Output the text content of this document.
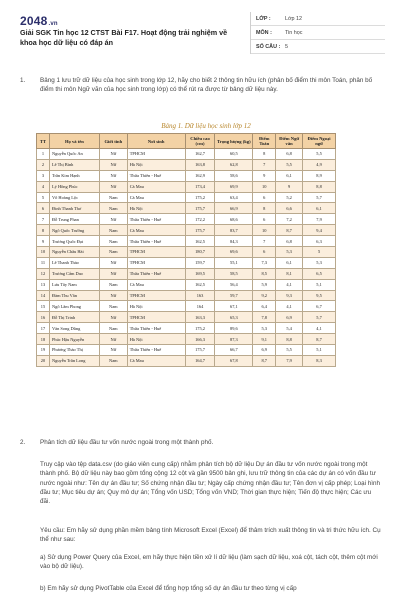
2048.vn
Giải SGK Tin học 12 CTST Bài F17. Hoạt động trải nghiệm về khoa học dữ liệu có đáp án
LỚP :	Lớp 12
MÔN :	Tin học
SỐ CÂU : 5
1. Bảng 1 lưu trữ dữ liệu của học sinh trong lớp 12, hãy cho biết 2 thông tin hữu ích (phân bố điểm thi môn Toán, phân bố điểm thi môn Ngữ văn của học sinh trong lớp) có thể rút ra được từ bảng dữ liệu này.
Bảng 1. Dữ liệu học sinh lớp 12
TT	Họ và tên	Giới tính	Nơi sinh	Chiều cao (cm)	Trọng lượng (kg)	Điểm Toán	Điểm Ngữ văn	Điểm Ngoại ngữ
1	Nguyễn Quốc An	Nữ	TPHCM	162,7	60,5	8	6,8	5,5
2	Lê Thị Bình	Nữ	Hà Nội	163,8	62,8	7	5,5	4,9
3	Trần Kim Hạnh	Nữ	Thừa Thiên - Huế	162,9	58,6	9	6,1	8,9
4	Lý Hồng Phúc	Nữ	Cà Mau	173,4	69,9	10	9	8,8
5	Võ Hoàng Lộc	Nam	Cà Mau	175,2	63,4	6	5,2	5,7
6	Đinh Thanh Thơ	Nam	Hà Nội	175,7	66,9	8	6,6	6,1
7	Đỗ Trung Phan	Nữ	Thừa Thiên - Huế	172,2	68,6	6	7,2	7,9
8	Ngô Quốc Trường	Nam	Cà Mau	175,7	83,7	10	8,7	9,4
9	Trương Quốc Đạt	Nam	Thừa Thiên - Huế	162,5	84,3	7	6,8	6,3
10	Nguyễn Châu Hải	Nam	TPHCM	180,7	69,6	6	5,3	5
11	Lê Thanh Thảo	Nữ	TPHCM	159,7	55,1	7,3	6,1	5,3
12	Trương Cẩm Dao	Nữ	Thừa Thiên - Huế	169,5	58,5	8,5	8,1	6,5
13	Lưu Tây Nam	Nam	Cà Mau	162,5	56,4	5,9	4,1	5,1
14	Đàm Thu Vân	Nữ	TPHCM	163	59,7	9,2	9,3	9,5
15	Ngô Lâm Phong	Nam	Hà Nội	164	67,1	6,4	4,1	6,7
16	Đỗ Thị Trinh	Nữ	TPHCM	163,3	65,3	7,8	6,9	5,7
17	Văn Song Dũng	Nam	Thừa Thiên - Huế	175,2	89,6	5,3	5,4	4,1
18	Phúc Hậu Nguyễn	Nữ	Hà Nội	166,3	87,3	9,1	8,8	8,7
19	Phương Thảo Thị	Nữ	Thừa Thiên - Huế	175,7	66,7	6,9	5,5	5,1
20	Nguyễn Trần Long	Nam	Cà Mau	164,7	67,8	8,7	7,9	8,3
2.	Phân tích dữ liệu đầu tư vốn nước ngoài trong một thành phố.
Truy cập vào tệp data.csv (do giáo viên cung cấp) nhằm phân tích bộ dữ liệu Dự án đầu tư vốn nước ngoài trong một thành phố. Bộ dữ liệu này bao gồm tổng cộng 12 cột và gần 9500 bản ghi, lưu trữ thông tin của các dự án có vốn đầu tư nước ngoài như: Tên dự án đầu tư; Số chứng nhận đầu tư; Ngày cấp chứng nhận đầu tư; Tên đơn vị cấp phép; Loại hình đầu tư; Mục tiêu dự án; Quy mô dự án; Tổng vốn USD; Tổng vốn VND; Thời gian thực hiện; Tiến độ thực hiện; Các ưu đãi.
Yêu cầu: Em hãy sử dụng phần mềm bảng tính Microsoft Excel (Excel) để thâm trích xuất thông tin và tri thức hữu ích. Cụ thể như sau:
a) Sử dụng Power Query của Excel, em hãy thực hiện tiền xử lí dữ liệu (làm sạch dữ liệu, xoá cột, tách cột, thêm cột mới vào bộ dữ liệu).
b) Em hãy sử dụng PivotTable của Excel để tổng hợp tổng số dự án đầu tư theo từng vị cấp
